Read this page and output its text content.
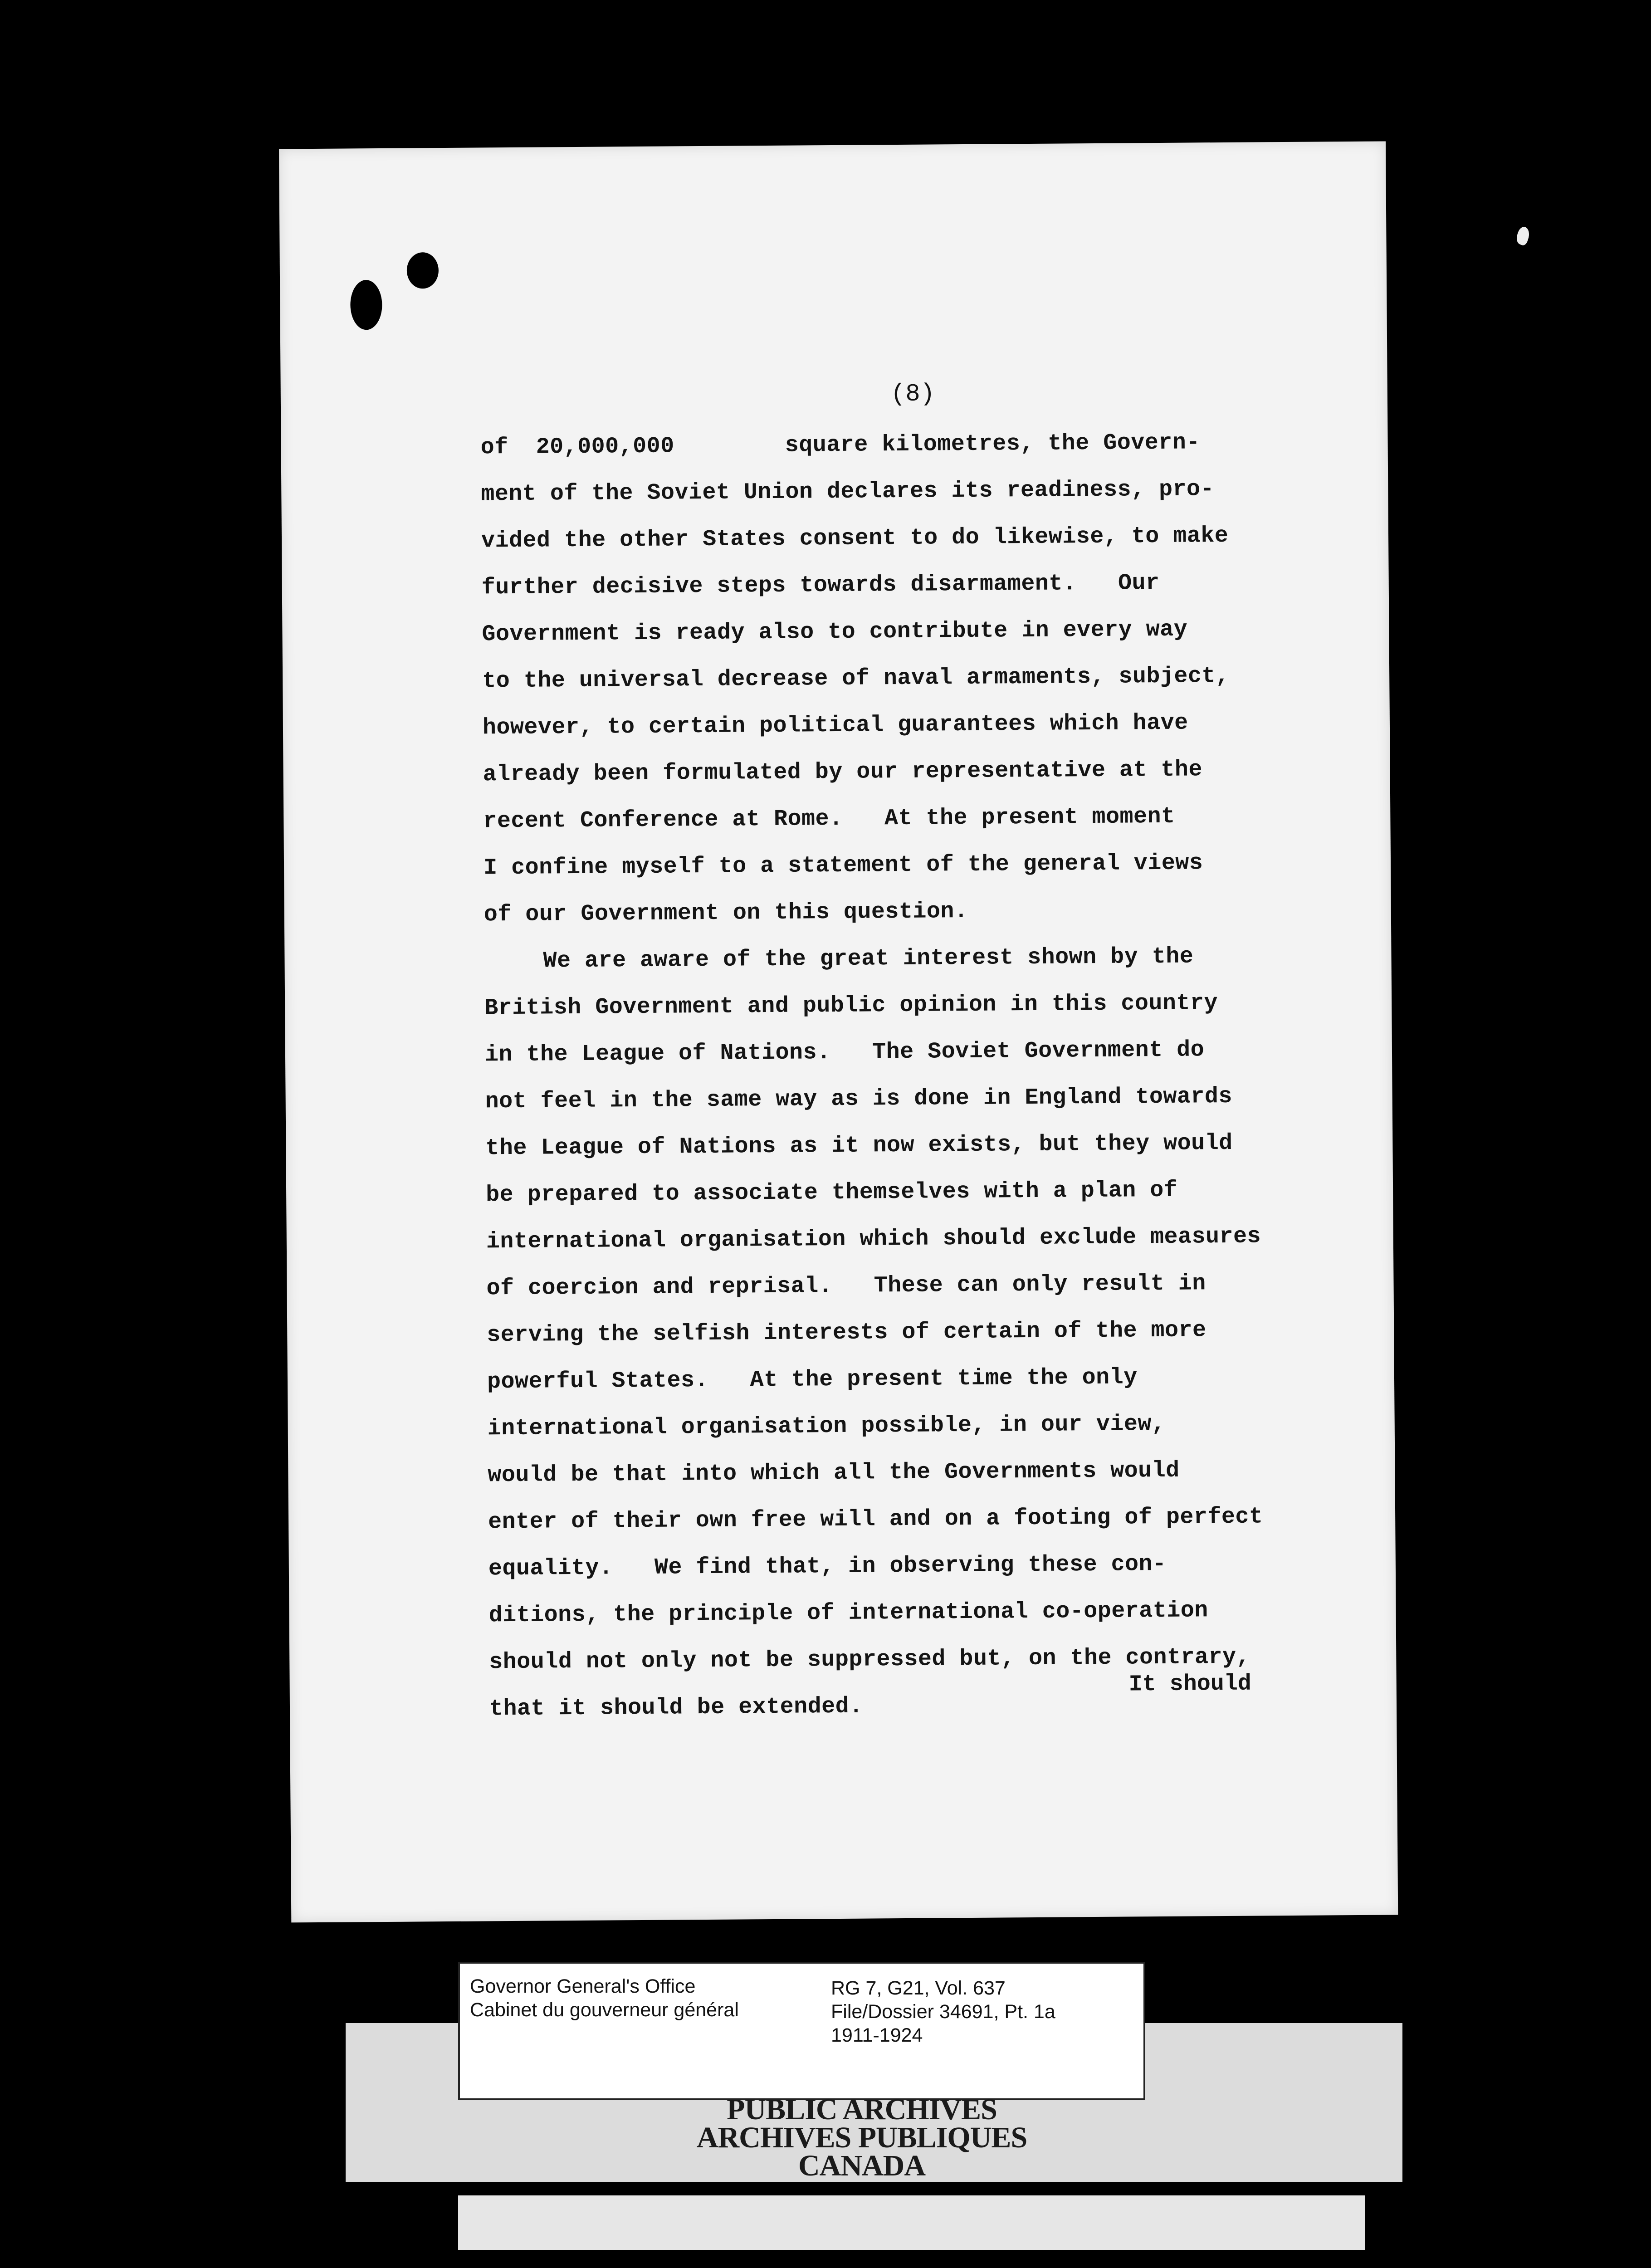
(8)
of  20,000,000        square kilometres, the Govern-
ment of the Soviet Union declares its readiness, pro-
vided the other States consent to do likewise, to make
further decisive steps towards disarmament.   Our
Government is ready also to contribute in every way
to the universal decrease of naval armaments, subject,
however, to certain political guarantees which have
already been formulated by our representative at the
recent Conference at Rome.   At the present moment
I confine myself to a statement of the general views
of our Government on this question.
We are aware of the great interest shown by the
British Government and public opinion in this country
in the League of Nations.   The Soviet Government do
not feel in the same way as is done in England towards
the League of Nations as it now exists, but they would
be prepared to associate themselves with a plan of
international organisation which should exclude measures
of coercion and reprisal.   These can only result in
serving the selfish interests of certain of the more
powerful States.   At the present time the only
international organisation possible, in our view,
would be that into which all the Governments would
enter of their own free will and on a footing of perfect
equality.   We find that, in observing these con-
ditions, the principle of international co-operation
should not only not be suppressed but, on the contrary,
that it should be extended.
It should
Governor General's Office
Cabinet du gouverneur général
RG 7, G21, Vol. 637
File/Dossier 34691, Pt. 1a
1911-1924
PUBLIC ARCHIVES
ARCHIVES PUBLIQUES
CANADA
